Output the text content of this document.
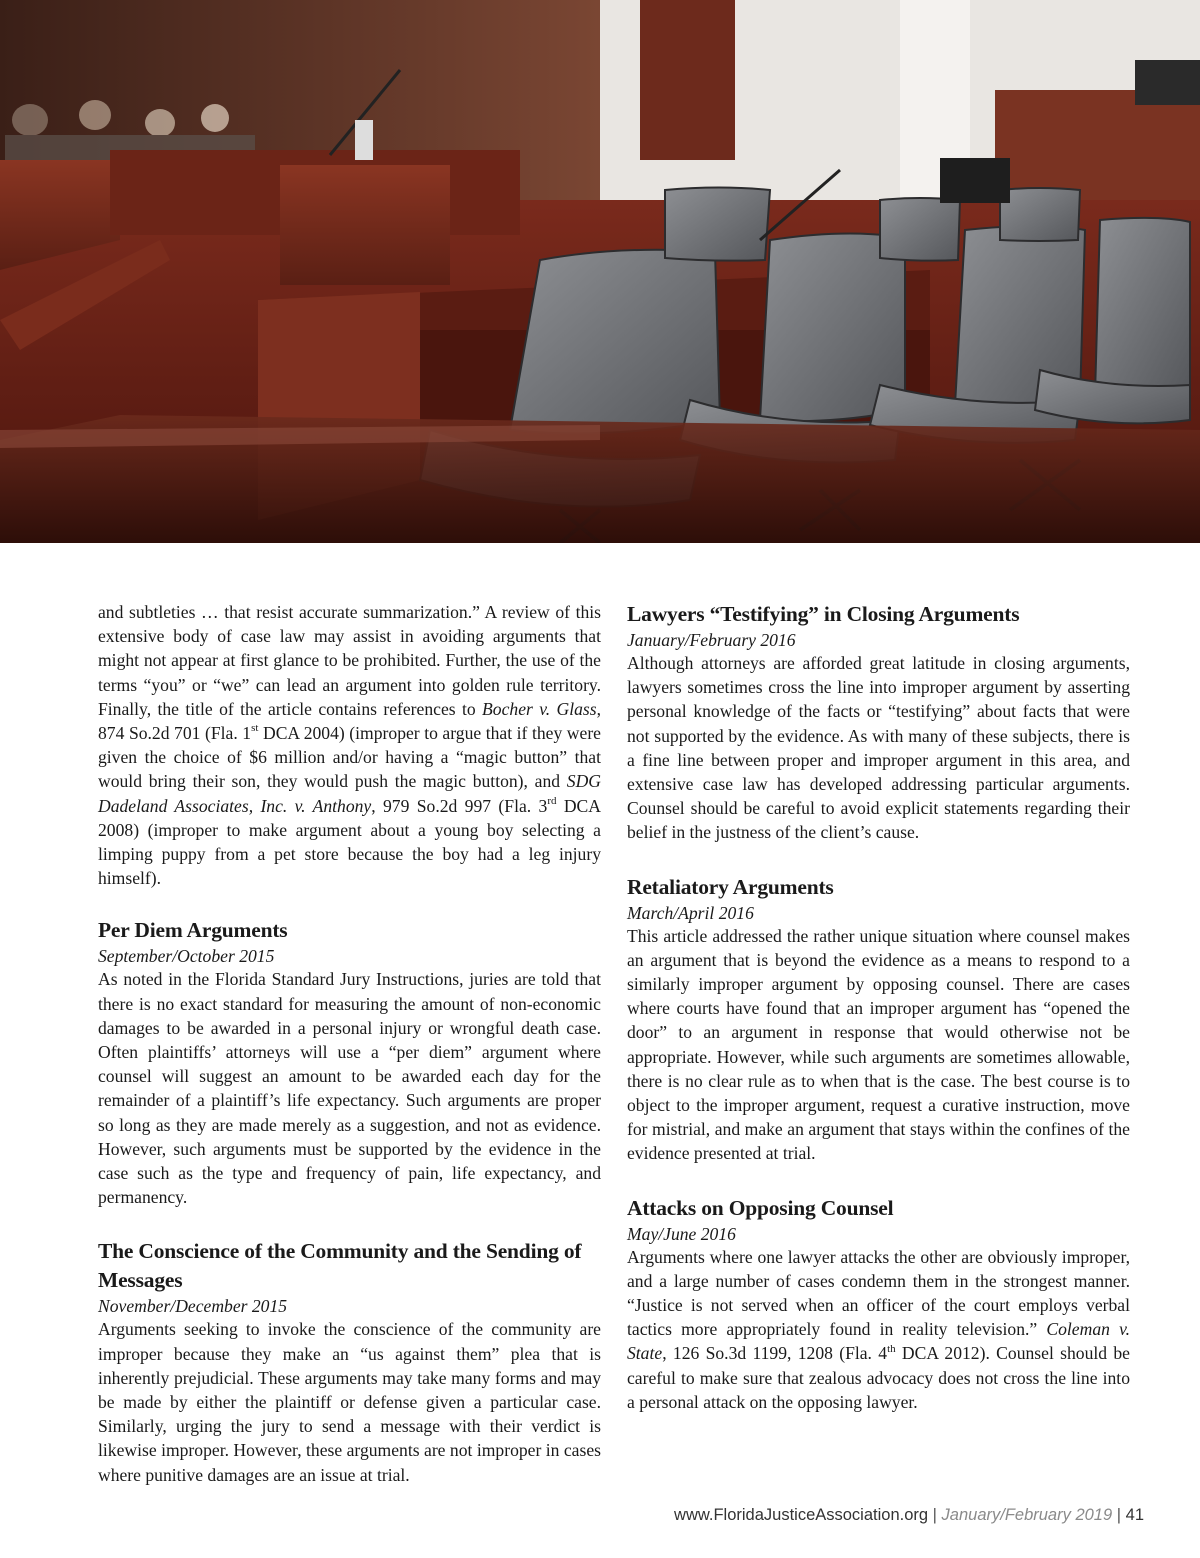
and subtleties … that resist accurate summarization.” A review of this extensive body of case law may assist in avoiding arguments that might not appear at first glance to be prohibited. Further, the use of the terms “you” or “we” can lead an argument into golden rule territory. Finally, the title of the article contains references to Bocher v. Glass, 874 So.2d 701 (Fla. 1st DCA 2004) (improper to argue that if they were given the choice of $6 million and/or having a “magic button” that would bring their son, they would push the magic button), and SDG Dadeland Associates, Inc. v. Anthony, 979 So.2d 997 (Fla. 3rd DCA 2008) (improper to make argument about a young boy selecting a limping puppy from a pet store because the boy had a leg injury himself).

Per Diem Arguments
September/October 2015

As noted in the Florida Standard Jury Instructions, juries are told that there is no exact standard for measuring the amount of non-economic damages to be awarded in a personal injury or wrongful death case. Often plaintiffs’ attorneys will use a “per diem” argument where counsel will suggest an amount to be awarded each day for the remainder of a plaintiff’s life expectancy. Such arguments are proper so long as they are made merely as a suggestion, and not as evidence. However, such arguments must be supported by the evidence in the case such as the type and frequency of pain, life expectancy, and permanency.

The Conscience of the Community and the Sending of Messages
November/December 2015

Arguments seeking to invoke the conscience of the community are improper because they make an “us against them” plea that is inherently prejudicial. These arguments may take many forms and may be made by either the plaintiff or defense given a particular case. Similarly, urging the jury to send a message with their verdict is likewise improper. However, these arguments are not improper in cases where punitive damages are an issue at trial.

Lawyers “Testifying” in Closing Arguments
January/February 2016

Although attorneys are afforded great latitude in closing arguments, lawyers sometimes cross the line into improper argument by asserting personal knowledge of the facts or “testifying” about facts that were not supported by the evidence. As with many of these subjects, there is a fine line between proper and improper argument in this area, and extensive case law has developed addressing particular arguments. Counsel should be careful to avoid explicit statements regarding their belief in the justness of the client’s cause.

Retaliatory Arguments
March/April 2016

This article addressed the rather unique situation where counsel makes an argument that is beyond the evidence as a means to respond to a similarly improper argument by opposing counsel. There are cases where courts have found that an improper argument has “opened the door” to an argument in response that would otherwise not be appropriate. However, while such arguments are sometimes allowable, there is no clear rule as to when that is the case. The best course is to object to the improper argument, request a curative instruction, move for mistrial, and make an argument that stays within the confines of the evidence presented at trial.

Attacks on Opposing Counsel
May/June 2016

Arguments where one lawyer attacks the other are obviously improper, and a large number of cases condemn them in the strongest manner. “Justice is not served when an officer of the court employs verbal tactics more appropriately found in reality television.” Coleman v. State, 126 So.3d 1199, 1208 (Fla. 4th DCA 2012). Counsel should be careful to make sure that zealous advocacy does not cross the line into a personal attack on the opposing lawyer.

www.FloridaJusticeAssociation.org | January/February 2019 | 41
